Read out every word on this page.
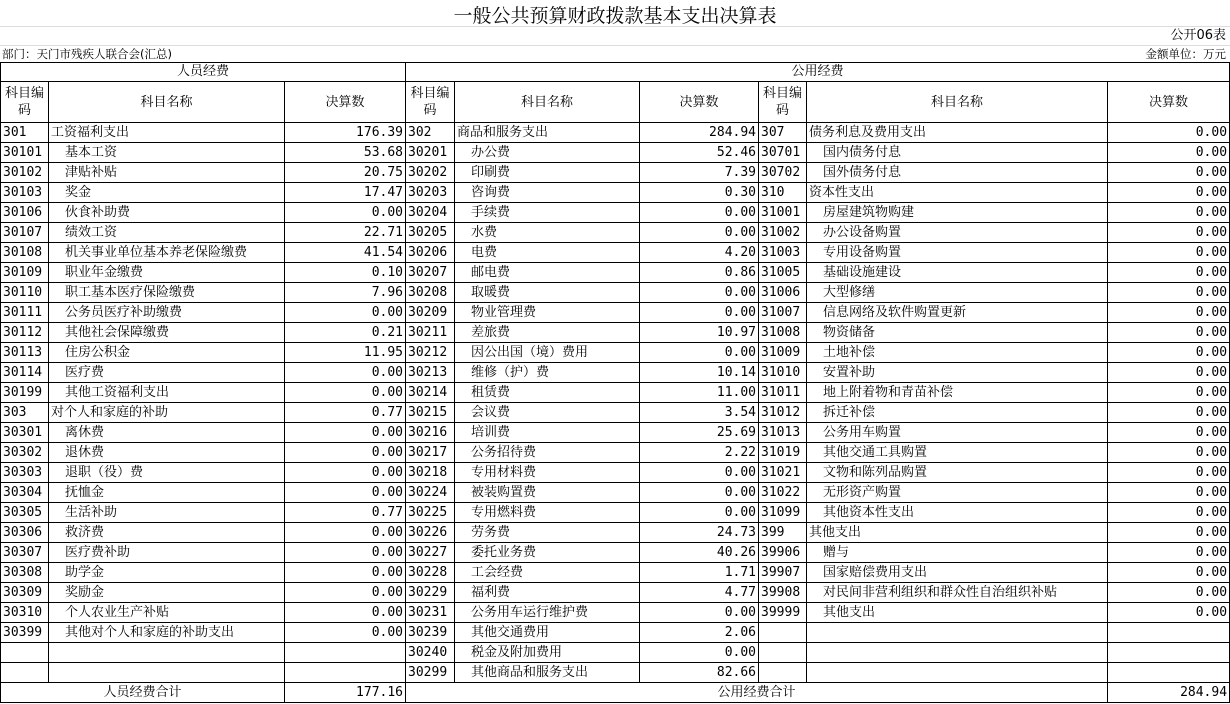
一般公共预算财政拨款基本支出决算表
公开06表
部门：天门市残疾人联合会(汇总)	金额单位：万元
人员经费			公用经费					
科目编码	科目名称	决算数	科目编码	科目名称	决算数	科目编码	科目名称	决算数
301	工资福利支出	176.39	302	商品和服务支出	284.94	307	债务利息及费用支出	0.00
30101	基本工资	53.68	30201	办公费	52.46	30701	国内债务付息	0.00
30102	津贴补贴	20.75	30202	印刷费	7.39	30702	国外债务付息	0.00
30103	奖金	17.47	30203	咨询费	0.30	310	资本性支出	0.00
30106	伙食补助费	0.00	30204	手续费	0.00	31001	房屋建筑物购建	0.00
30107	绩效工资	22.71	30205	水费	0.00	31002	办公设备购置	0.00
30108	机关事业单位基本养老保险缴费	41.54	30206	电费	4.20	31003	专用设备购置	0.00
30109	职业年金缴费	0.10	30207	邮电费	0.86	31005	基础设施建设	0.00
30110	职工基本医疗保险缴费	7.96	30208	取暖费	0.00	31006	大型修缮	0.00
30111	公务员医疗补助缴费	0.00	30209	物业管理费	0.00	31007	信息网络及软件购置更新	0.00
30112	其他社会保障缴费	0.21	30211	差旅费	10.97	31008	物资储备	0.00
30113	住房公积金	11.95	30212	因公出国（境）费用	0.00	31009	土地补偿	0.00
30114	医疗费	0.00	30213	维修（护）费	10.14	31010	安置补助	0.00
30199	其他工资福利支出	0.00	30214	租赁费	11.00	31011	地上附着物和青苗补偿	0.00
303	对个人和家庭的补助	0.77	30215	会议费	3.54	31012	拆迁补偿	0.00
30301	离休费	0.00	30216	培训费	25.69	31013	公务用车购置	0.00
30302	退休费	0.00	30217	公务招待费	2.22	31019	其他交通工具购置	0.00
30303	退职（役）费	0.00	30218	专用材料费	0.00	31021	文物和陈列品购置	0.00
30304	抚恤金	0.00	30224	被装购置费	0.00	31022	无形资产购置	0.00
30305	生活补助	0.77	30225	专用燃料费	0.00	31099	其他资本性支出	0.00
30306	救济费	0.00	30226	劳务费	24.73	399	其他支出	0.00
30307	医疗费补助	0.00	30227	委托业务费	40.26	39906	赠与	0.00
30308	助学金	0.00	30228	工会经费	1.71	39907	国家赔偿费用支出	0.00
30309	奖励金	0.00	30229	福利费	4.77	39908	对民间非营利组织和群众性自治组织补贴	0.00
30310	个人农业生产补贴	0.00	30231	公务用车运行维护费	0.00	39999	其他支出	0.00
30399	其他对个人和家庭的补助支出	0.00	30239	其他交通费用	2.06			
			30240	税金及附加费用	0.00			
			30299	其他商品和服务支出	82.66			
人员经费合计		177.16	公用经费合计					284.94
